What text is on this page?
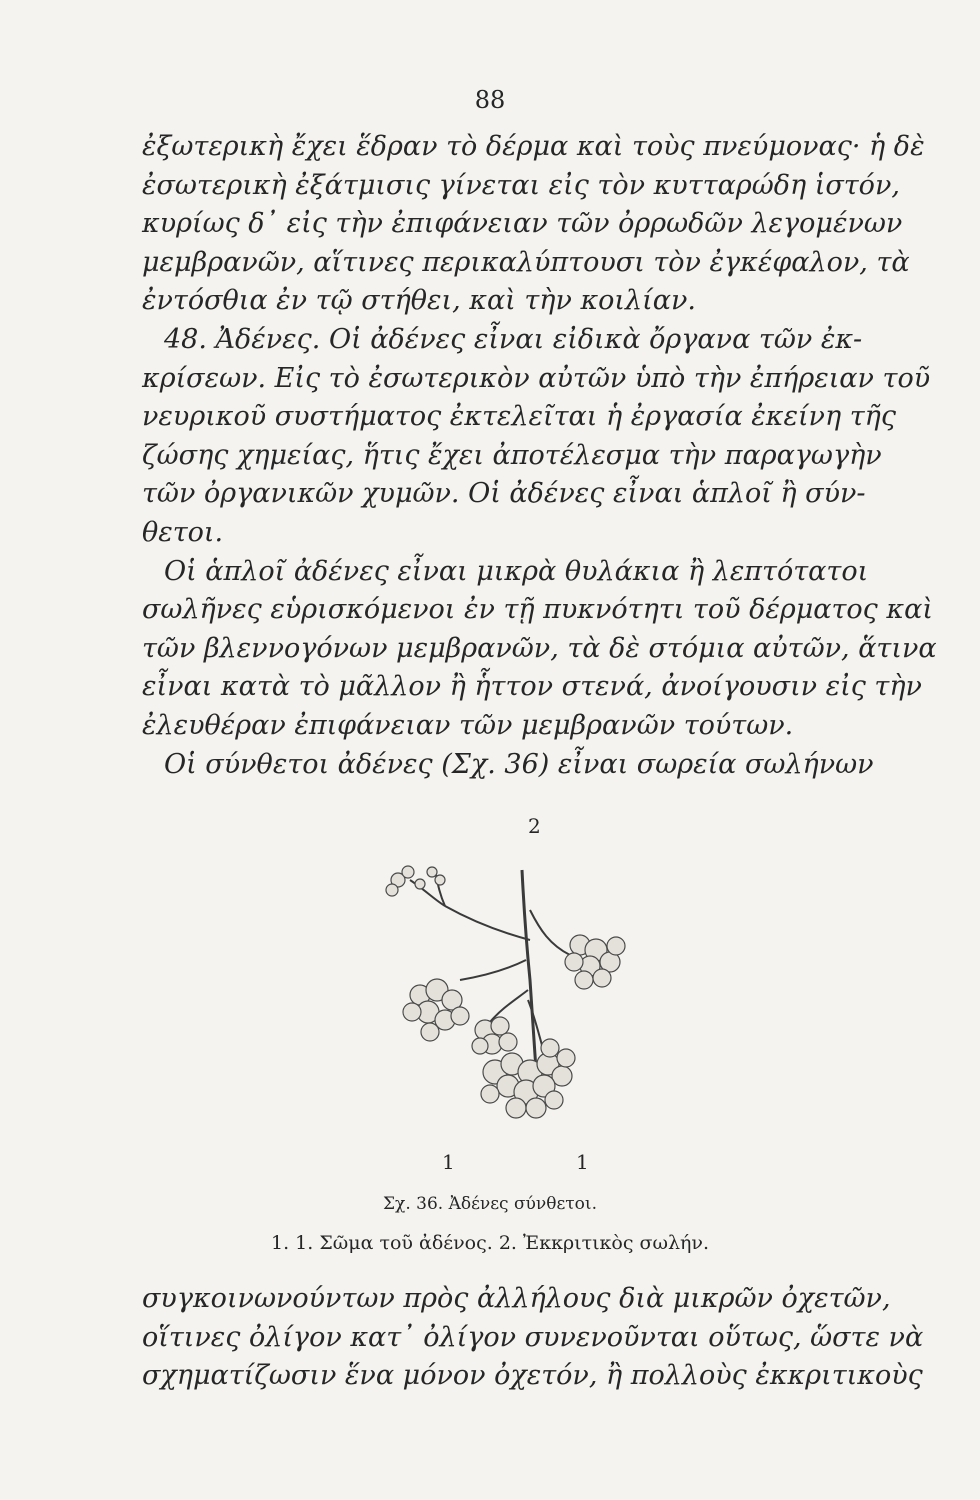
88
ἐξωτερικὴ ἔχει ἕδραν τὸ δέρμα καὶ τοὺς πνεύμονας· ἡ δὲ
ἐσωτερικὴ ἐξάτμισις γίνεται εἰς τὸν κυτταρώδη ἱστόν,
κυρίως δ᾽ εἰς τὴν ἐπιφάνειαν τῶν ὀρρωδῶν λεγομένων
μεμβρανῶν, αἵτινες περικαλύπτουσι τὸν ἐγκέφαλον, τὰ
ἐντόσθια ἐν τῷ στήθει, καὶ τὴν κοιλίαν.
48. Ἀδένες. Οἱ ἀδένες εἶναι εἰδικὰ ὄργανα τῶν ἐκ-
κρίσεων. Εἰς τὸ ἐσωτερικὸν αὐτῶν ὑπὸ τὴν ἐπήρειαν τοῦ
νευρικοῦ συστήματος ἐκτελεῖται ἡ ἐργασία ἐκείνη τῆς
ζώσης χημείας, ἥτις ἔχει ἀποτέλεσμα τὴν παραγωγὴν
τῶν ὀργανικῶν χυμῶν. Οἱ ἀδένες εἶναι ἁπλοῖ ἢ σύν-
θετοι.
Οἱ ἁπλοῖ ἀδένες εἶναι μικρὰ θυλάκια ἢ λεπτότατοι
σωλῆνες εὑρισκόμενοι ἐν τῇ πυκνότητι τοῦ δέρματος καὶ
τῶν βλεννογόνων μεμβρανῶν, τὰ δὲ στόμια αὐτῶν, ἅτινα
εἶναι κατὰ τὸ μᾶλλον ἢ ἧττον στενά, ἀνοίγουσιν εἰς τὴν
ἐλευθέραν ἐπιφάνειαν τῶν μεμβρανῶν τούτων.
Οἱ σύνθετοι ἀδένες (Σχ. 36) εἶναι σωρεία σωλήνων
2
1	1
Σχ. 36. Ἀδένες σύνθετοι.
1. 1. Σῶμα τοῦ ἀδένος. 2. Ἐκκριτικὸς σωλήν.
συγκοινωνούντων πρὸς ἀλλήλους διὰ μικρῶν ὀχετῶν,
οἵτινες ὀλίγον κατ᾽ ὀλίγον συνενοῦνται οὕτως, ὥστε νὰ
σχηματίζωσιν ἕνα μόνον ὀχετόν, ἢ πολλοὺς ἐκκριτικοὺς
